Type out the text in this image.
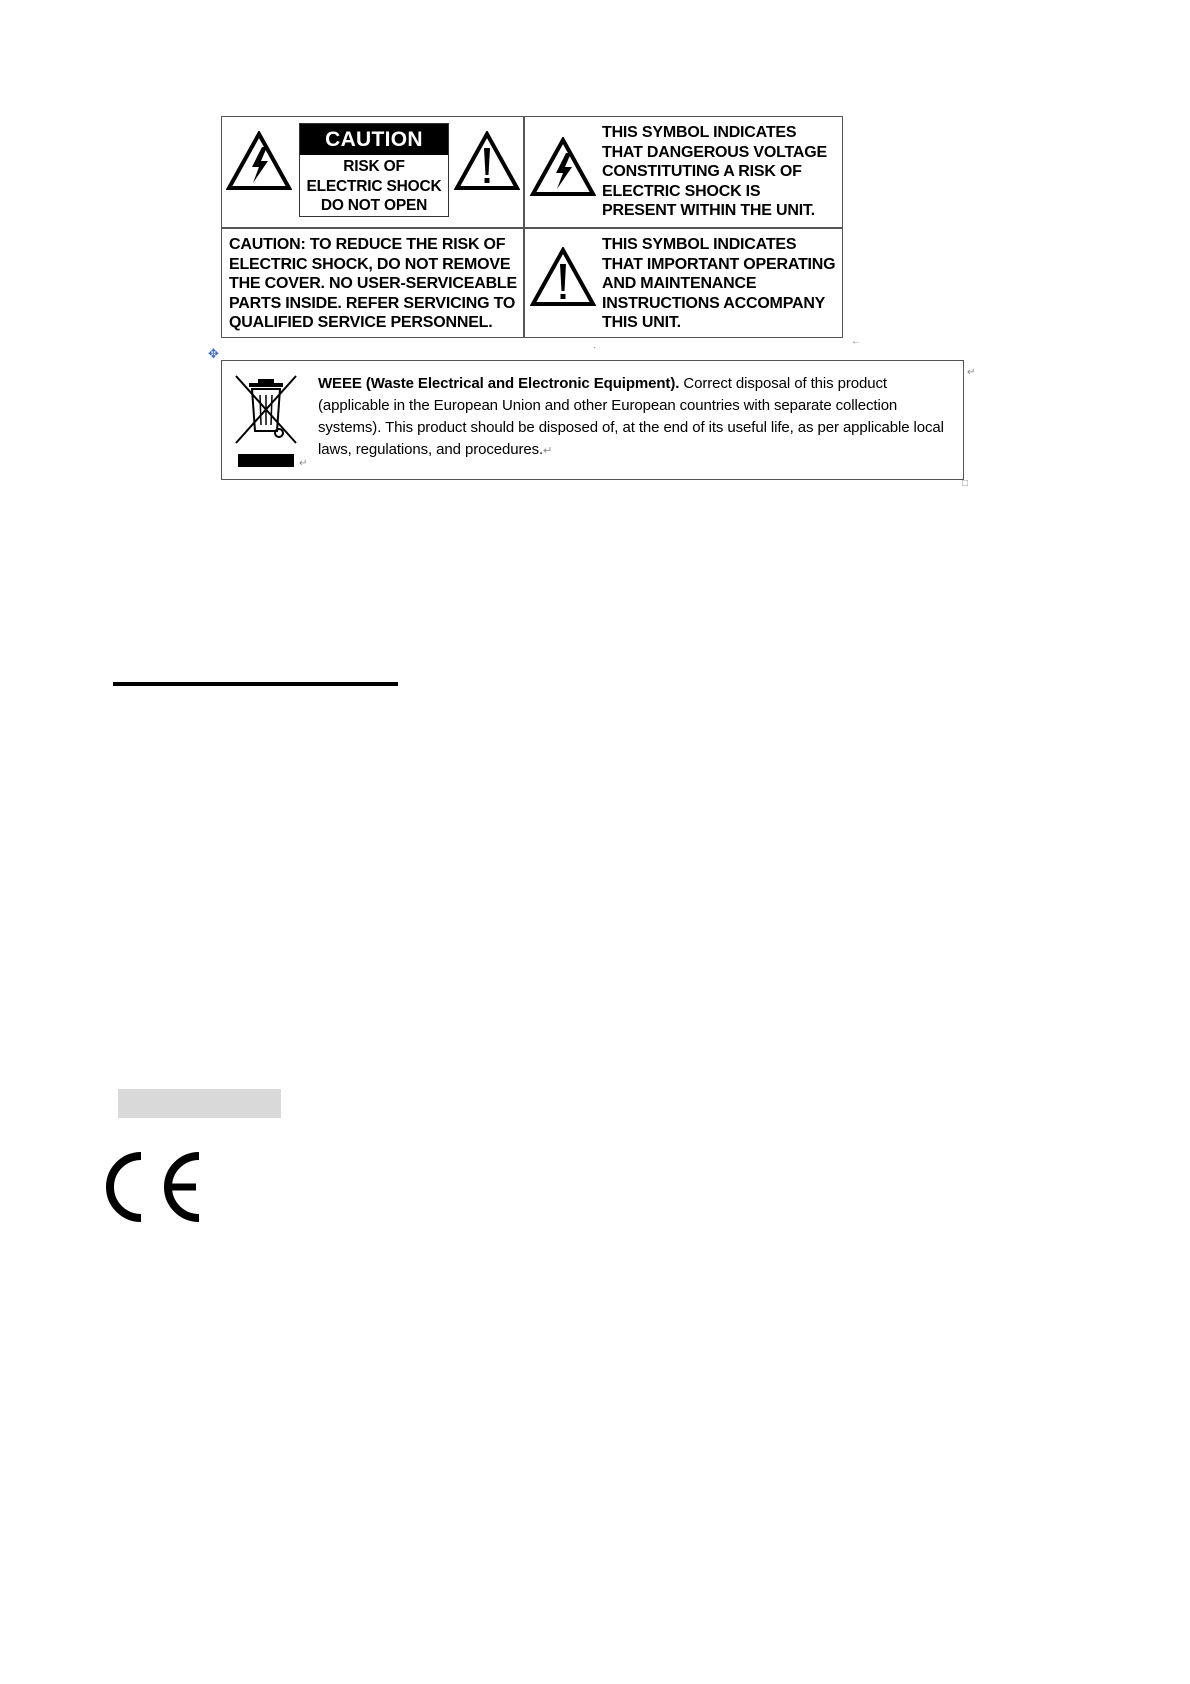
CAUTION
RISK OF
ELECTRIC SHOCK
DO NOT OPEN
THIS SYMBOL INDICATES
THAT DANGEROUS VOLTAGE
CONSTITUTING A RISK OF
ELECTRIC SHOCK IS
PRESENT WITHIN THE UNIT.
CAUTION: TO REDUCE THE RISK OF
ELECTRIC SHOCK, DO NOT REMOVE
THE COVER. NO USER-SERVICEABLE
PARTS INSIDE. REFER SERVICING TO
QUALIFIED SERVICE PERSONNEL.
THIS SYMBOL INDICATES
THAT IMPORTANT OPERATING
AND MAINTENANCE
INSTRUCTIONS ACCOMPANY
THIS UNIT.
←
·
✥
↵
WEEE (Waste Electrical and Electronic Equipment). Correct disposal of this product (applicable in the European Union and other European countries with separate collection systems). This product should be disposed of, at the end of its useful life, as per applicable local laws, regulations, and procedures.↵
↵
□
